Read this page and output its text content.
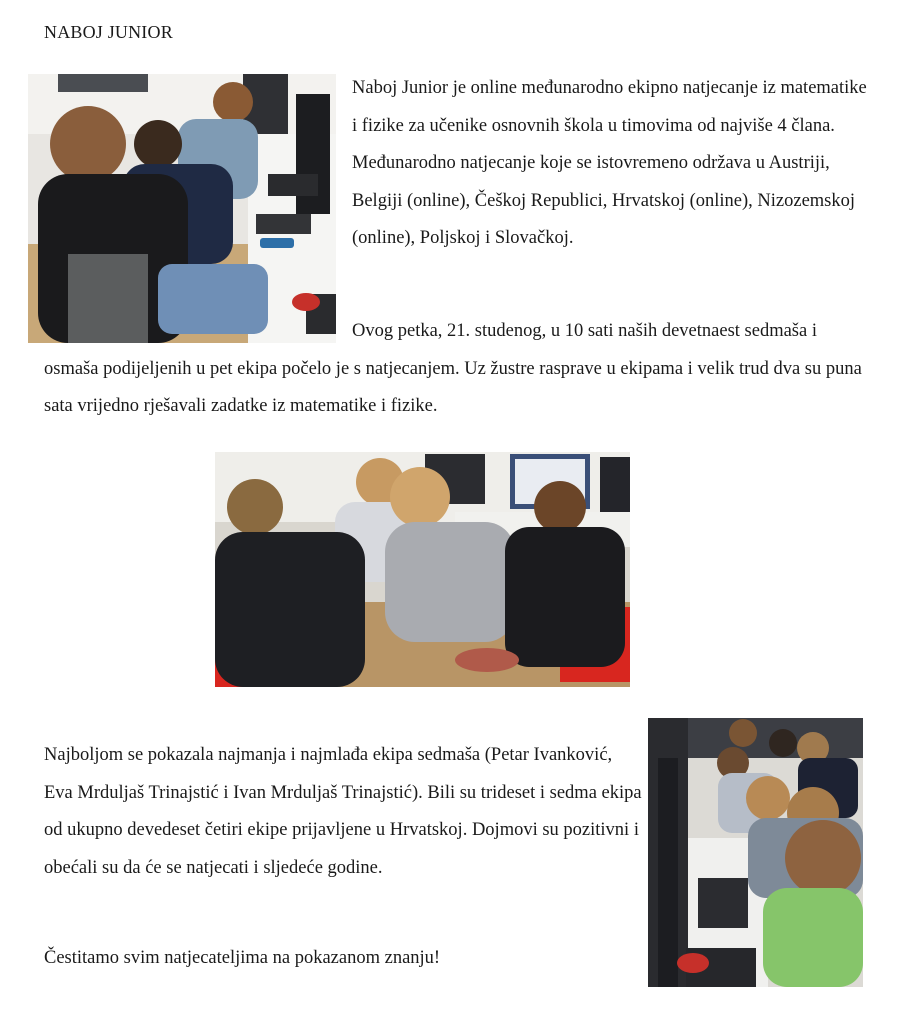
NABOJ JUNIOR

Naboj Junior je online međunarodno ekipno natjecanje iz matematike i fizike za učenike osnovnih škola u timovima od najviše 4 člana. Međunarodno natjecanje koje se istovremeno održava u Austriji, Belgiji (online), Češkoj Republici, Hrvatskoj (online), Nizozemskoj (online), Poljskoj i Slovačkoj.

Ovog petka, 21. studenog, u 10 sati naših devetnaest sedmaša i osmaša podijeljenih u pet ekipa počelo je s natjecanjem. Uz žustre rasprave u ekipama i velik trud dva su puna sata vrijedno rješavali zadatke iz matematike i fizike.

Najboljom se pokazala najmanja i najmlađa ekipa sedmaša (Petar Ivanković, Eva Mrduljaš Trinajstić i Ivan Mrduljaš Trinajstić). Bili su trideset i sedma ekipa od ukupno devedeset četiri ekipe prijavljene u Hrvatskoj. Dojmovi su pozitivni i obećali su da će se natjecati i sljedeće godine.

Čestitamo svim natjecateljima na pokazanom znanju!
